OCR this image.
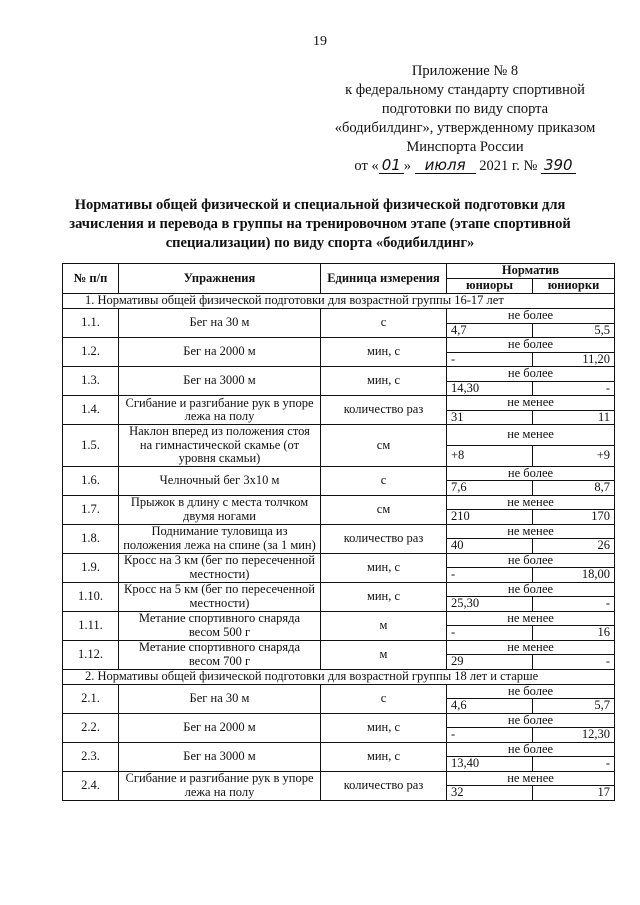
19
Приложение № 8
к федеральному стандарту спортивной
подготовки по виду спорта
«бодибилдинг», утвержденному приказом
Минспорта России
от « 01 » июля 2021 г. № 390
Нормативы общей физической и специальной физической подготовки для зачисления и перевода в группы на тренировочном этапе (этапе спортивной специализации) по виду спорта «бодибилдинг»
№ п/п	Упражнения	Единица измерения	Норматив	
			юниоры	юниорки
1. Нормативы общей физической подготовки для возрастной группы 16-17 лет				
1.1.	Бег на 30 м	с	не более	
			4,7	5,5
1.2.	Бег на 2000 м	мин, с	не более	
			-	11,20
1.3.	Бег на 3000 м	мин, с	не более	
			14,30	-
1.4.	Сгибание и разгибание рук в упоре лежа на полу	количество раз	не менее	
			31	11
1.5.	Наклон вперед из положения стоя на гимнастической скамье (от уровня скамьи)	см	не менее	
			+8	+9
1.6.	Челночный бег 3x10 м	с	не более	
			7,6	8,7
1.7.	Прыжок в длину с места толчком двумя ногами	см	не менее	
			210	170
1.8.	Поднимание туловища из положения лежа на спине (за 1 мин)	количество раз	не менее	
			40	26
1.9.	Кросс на 3 км (бег по пересеченной местности)	мин, с	не более	
			-	18,00
1.10.	Кросс на 5 км (бег по пересеченной местности)	мин, с	не более	
			25,30	-
1.11.	Метание спортивного снаряда весом 500 г	м	не менее	
			-	16
1.12.	Метание спортивного снаряда весом 700 г	м	не менее	
			29	-
2. Нормативы общей физической подготовки для возрастной группы 18 лет и старше				
2.1.	Бег на 30 м	с	не более	
			4,6	5,7
2.2.	Бег на 2000 м	мин, с	не более	
			-	12,30
2.3.	Бег на 3000 м	мин, с	не более	
			13,40	-
2.4.	Сгибание и разгибание рук в упоре лежа на полу	количество раз	не менее	
			32	17
